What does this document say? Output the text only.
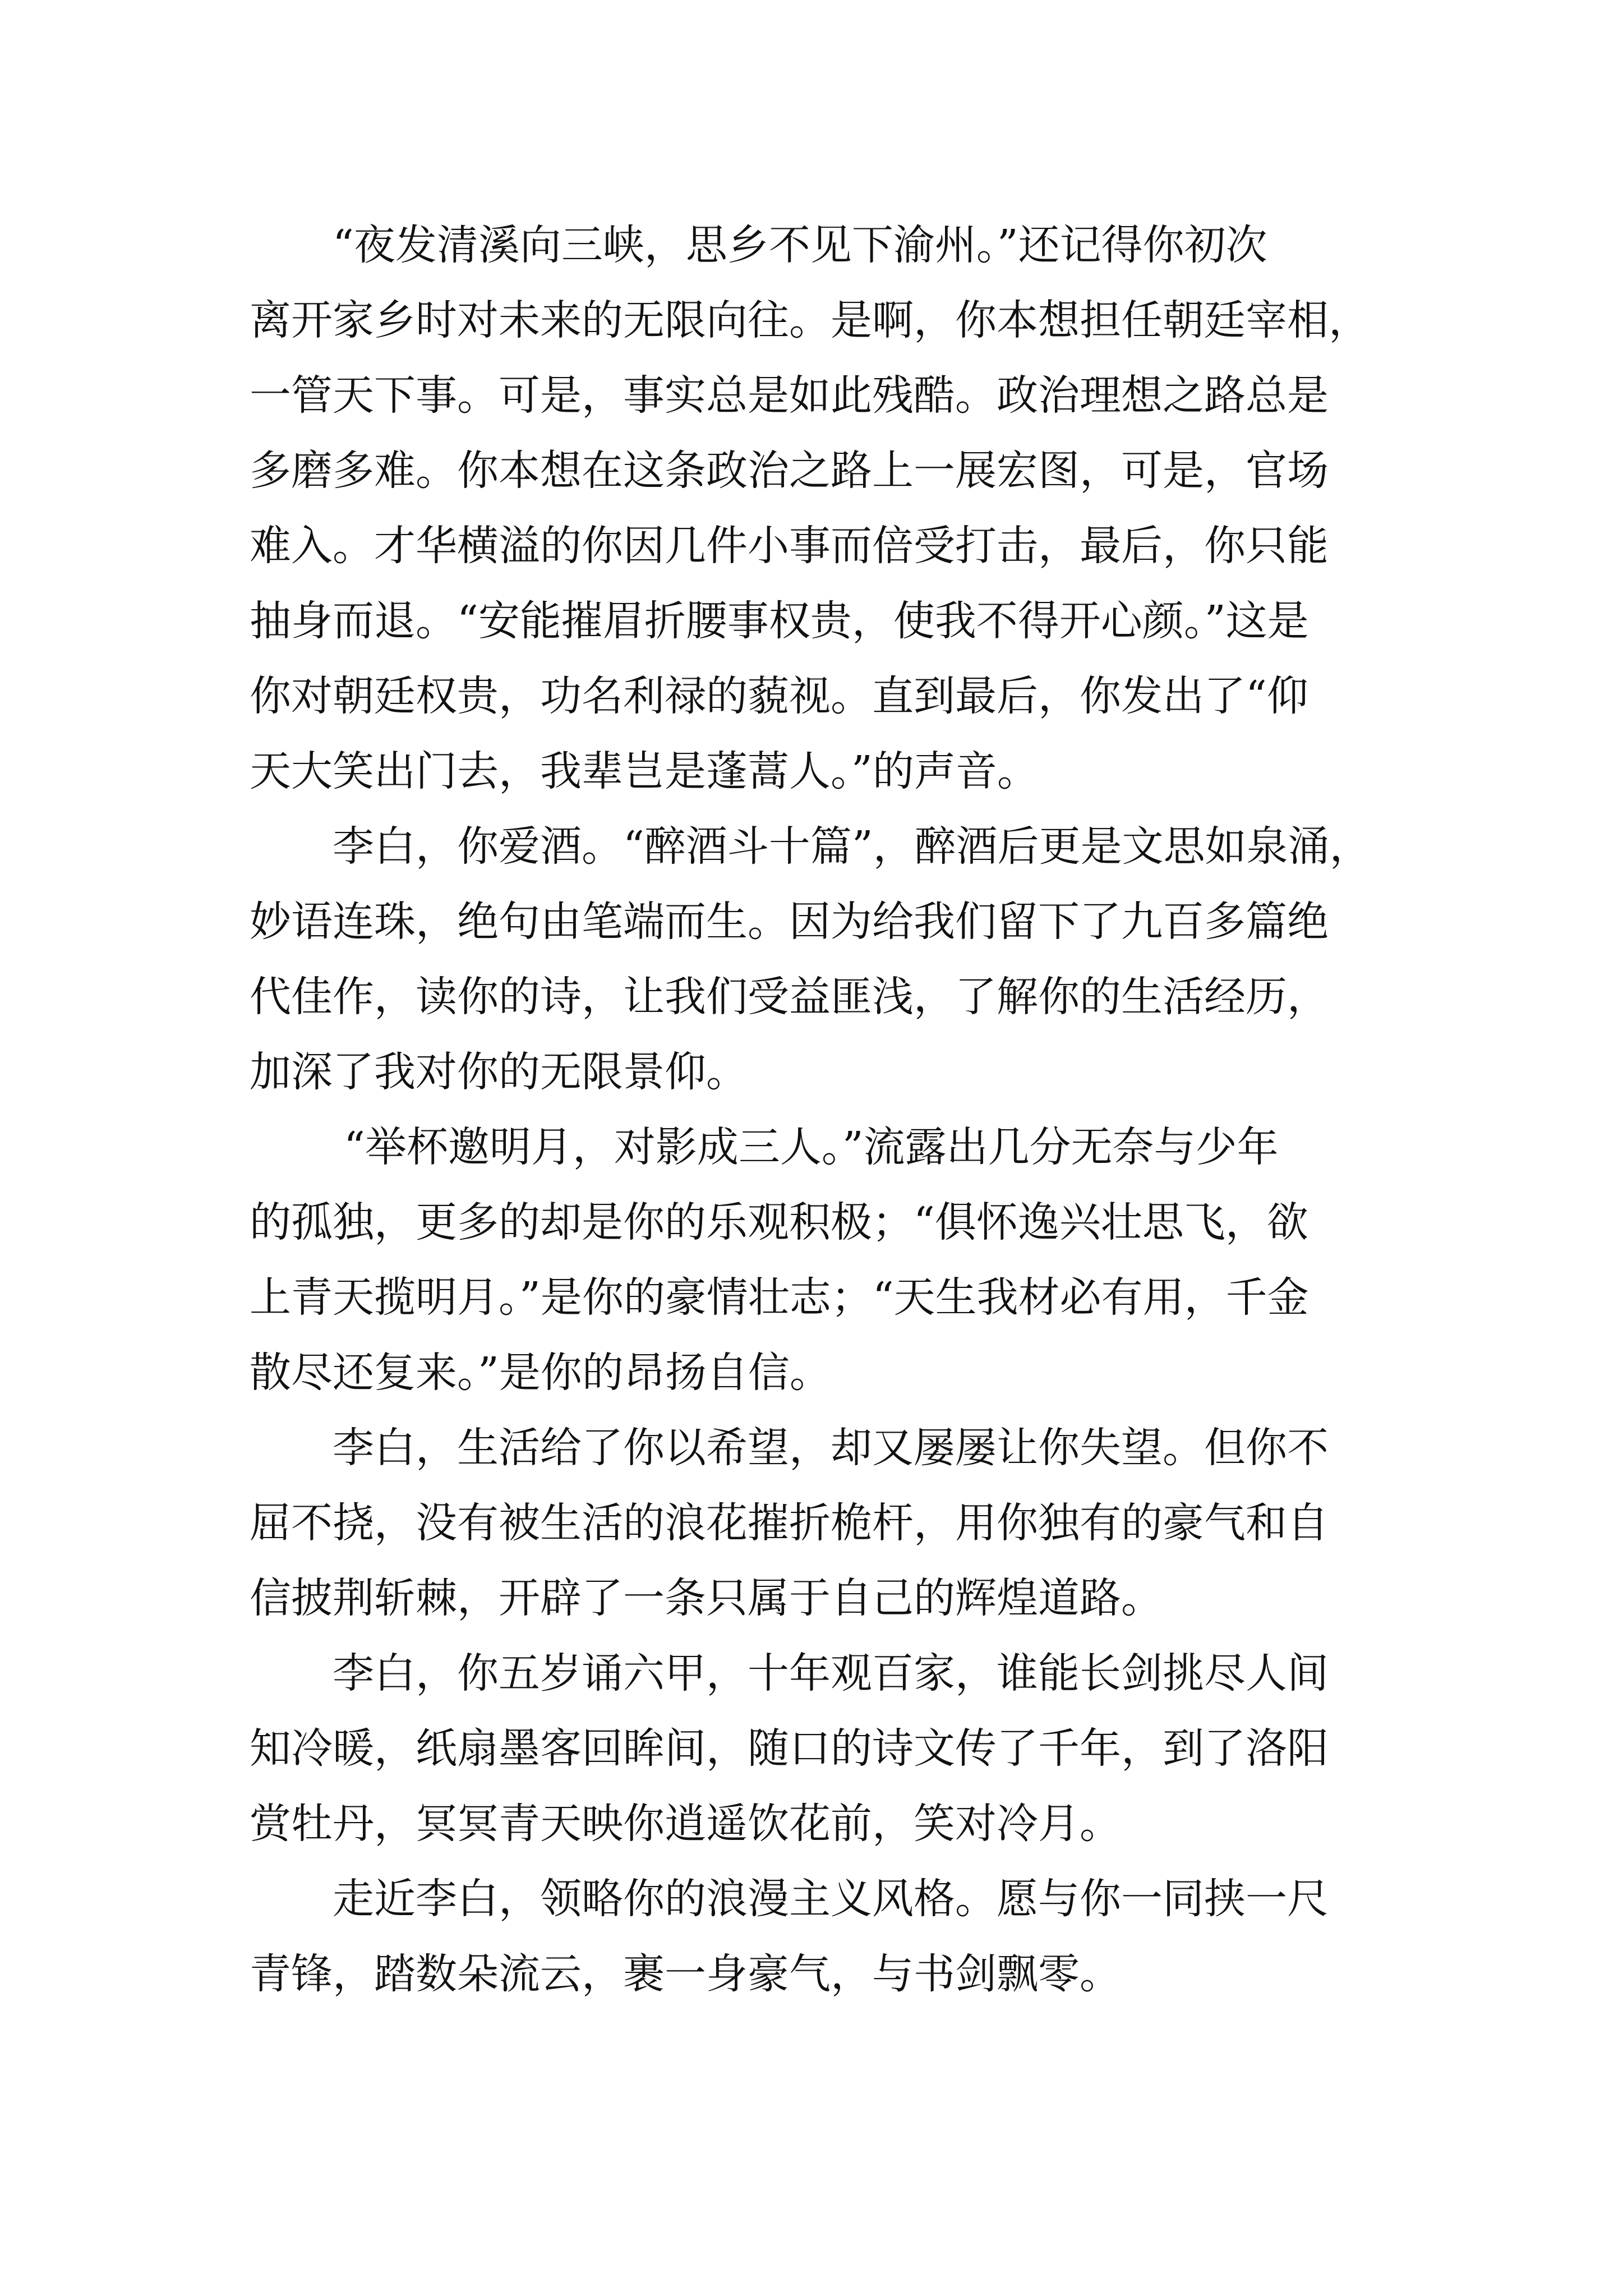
“夜发清溪向三峡，思乡不见下渝州。”还记得你初次
离开家乡时对未来的无限向往。是啊，你本想担任朝廷宰相，
一管天下事。可是，事实总是如此残酷。政治理想之路总是
多磨多难。你本想在这条政治之路上一展宏图，可是，官场
难入。才华横溢的你因几件小事而倍受打击，最后，你只能
抽身而退。“安能摧眉折腰事权贵，使我不得开心颜。”这是
你对朝廷权贵，功名利禄的藐视。直到最后，你发出了“仰
天大笑出门去，我辈岂是蓬蒿人。”的声音。
李白，你爱酒。“醉酒斗十篇”，醉酒后更是文思如泉涌，
妙语连珠，绝句由笔端而生。因为给我们留下了九百多篇绝
代佳作，读你的诗，让我们受益匪浅，了解你的生活经历，
加深了我对你的无限景仰。
“举杯邀明月，对影成三人。”流露出几分无奈与少年
的孤独，更多的却是你的乐观积极；“俱怀逸兴壮思飞，欲
上青天揽明月。”是你的豪情壮志；“天生我材必有用，千金
散尽还复来。”是你的昂扬自信。
李白，生活给了你以希望，却又屡屡让你失望。但你不
屈不挠，没有被生活的浪花摧折桅杆，用你独有的豪气和自
信披荆斩棘，开辟了一条只属于自己的辉煌道路。
李白，你五岁诵六甲，十年观百家，谁能长剑挑尽人间
知冷暖，纸扇墨客回眸间，随口的诗文传了千年，到了洛阳
赏牡丹，冥冥青天映你逍遥饮花前，笑对冷月。
走近李白，领略你的浪漫主义风格。愿与你一同挟一尺
青锋，踏数朵流云，裹一身豪气，与书剑飘零。
